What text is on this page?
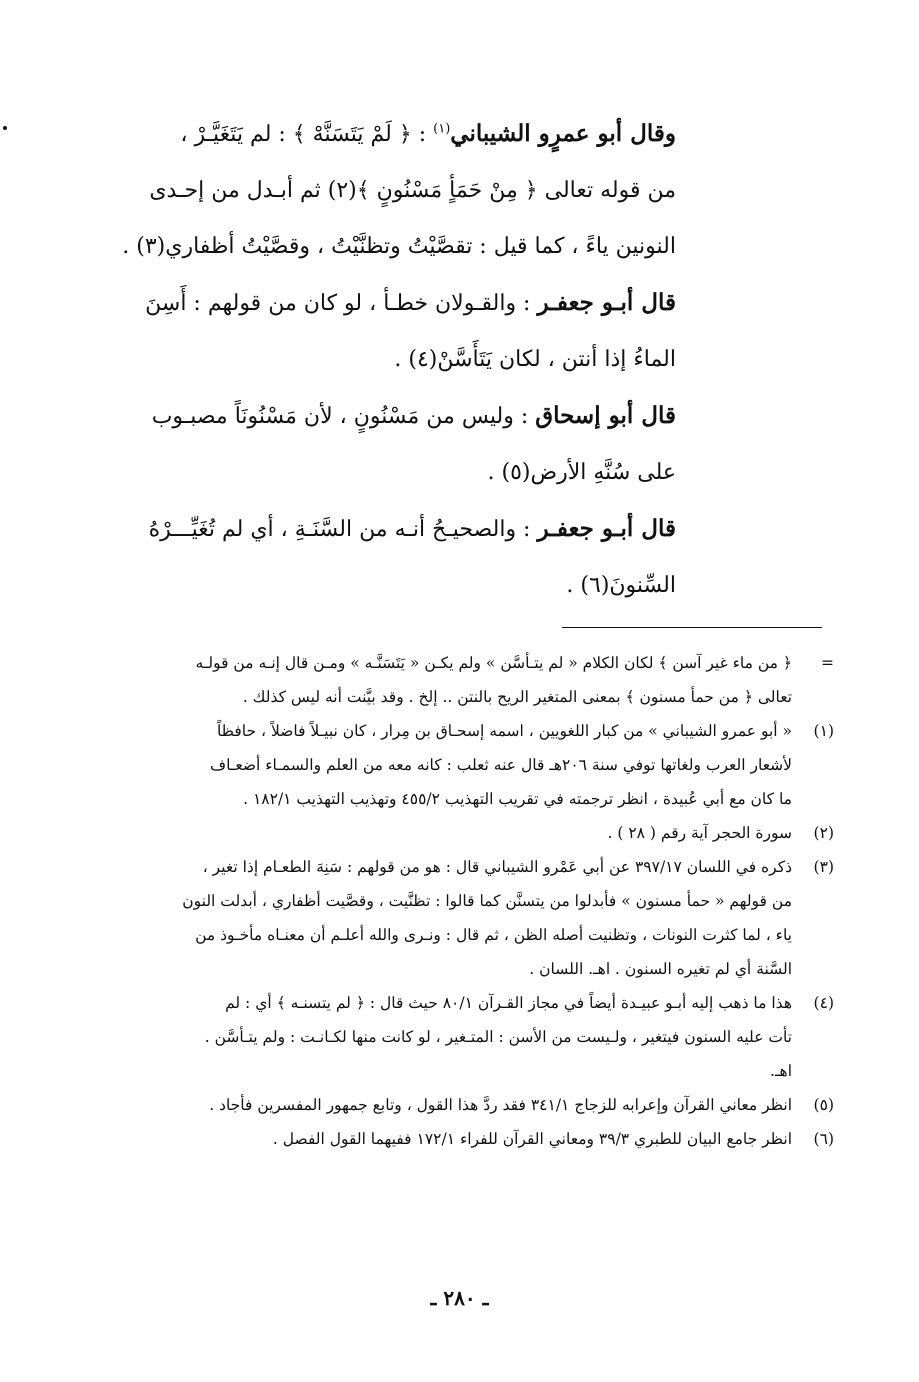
وقال أبو عمرٍو الشيباني$^{(١)}$ : ﴿ لَمْ يَتَسَنَّهْ ﴾ : لم يَتَغَيَّـرْ ،
من قوله تعالى ﴿ مِنْ حَمَأٍ مَسْنُونٍ ﴾(٢) ثم أبـدل من إحـدى
النونين ياءً ، كما قيل : تقصَّيْتُ وتظنَّيْتُ ، وقصَّيْتُ أظفاري(٣) .
قال أبـو جعفـر : والقـولان خطـأ ، لو كان من قولهم : أَسِنَ
الماءُ إذا أنتن ، لكان يَتَأَسَّنْ(٤) .
قال أبو إسحاق : وليس من مَسْنُونٍ ، لأن مَسْنُونَاً مصبـوب
على سُنَّهِ الأرض(٥) .
قال أبـو جعفـر : والصحيـحُ أنـه من السَّنَـةِ ، أي لم تُغَيِّـــرْهُ
السِّنونَ(٦) .
=
﴿ من ماء غير آسن ﴾ لكان الكلام « لم يتـأسَّن » ولم يكـن « يَتَسَنَّـه » ومـن قال إنـه من قولـه
تعالى ﴿ من حمأ مسنون ﴾ بمعنى المتغير الريح بالنتن .. إلخ . وقد بيَّنت أنه ليس كذلك .
(١)
« أبو عمرو الشيباني » من كبار اللغويين ، اسمه إسحـاق بن مِرار ، كان نبيـلاً فاضلاً ، حافظاً
لأشعار العرب ولغاتها توفي سنة ٢٠٦هـ قال عنه ثعلب : كانه معه من العلم والسمـاء أضعـاف
ما كان مع أبي عُبيدة ، انظر ترجمته في تقريب التهذيب ٤٥٥/٢ وتهذيب التهذيب ١٨٢/١ .
(٢)
سورة الحجر آية رقم ( ٢٨ ) .
(٣)
ذكره في اللسان ٣٩٧/١٧ عن أبي عَمْرو الشيباني قال : هو من قولهم : سَنِهَ الطعـام إذا تغير ،
من قولهم « حمأ مسنون » فأبدلوا من يتسنَّن كما قالوا : تظنَّيت ، وقصَّيت أظفاري ، أبدلت النون
ياء ، لما كثرت النونات ، وتظنيت أصله الظن ، ثم قال : ونـرى والله أعلـم أن معنـاه مأخـوذ من
السَّنة أي لم تغيره السنون . اهـ. اللسان .
(٤)
هذا ما ذهب إليه أبـو عبيـدة أيضاً في مجاز القـرآن ٨٠/١ حيث قال : ﴿ لم يتسنـه ﴾ أي : لم
تأت عليه السنون فيتغير ، ولـيست من الأسن : المتـغير ، لو كانت منها لكـانـت : ولم يتـأسَّن .
اهـ.
(٥)
انظر معاني القرآن وإعرابه للزجاج ٣٤١/١ فقد ردَّ هذا القول ، وتابع جمهور المفسرين فأجاد .
(٦)
انظر جامع البيان للطبري ٣٩/٣ ومعاني القرآن للفراء ١٧٢/١ ففيهما القول الفصل .
ـ ٢٨٠ ـ
